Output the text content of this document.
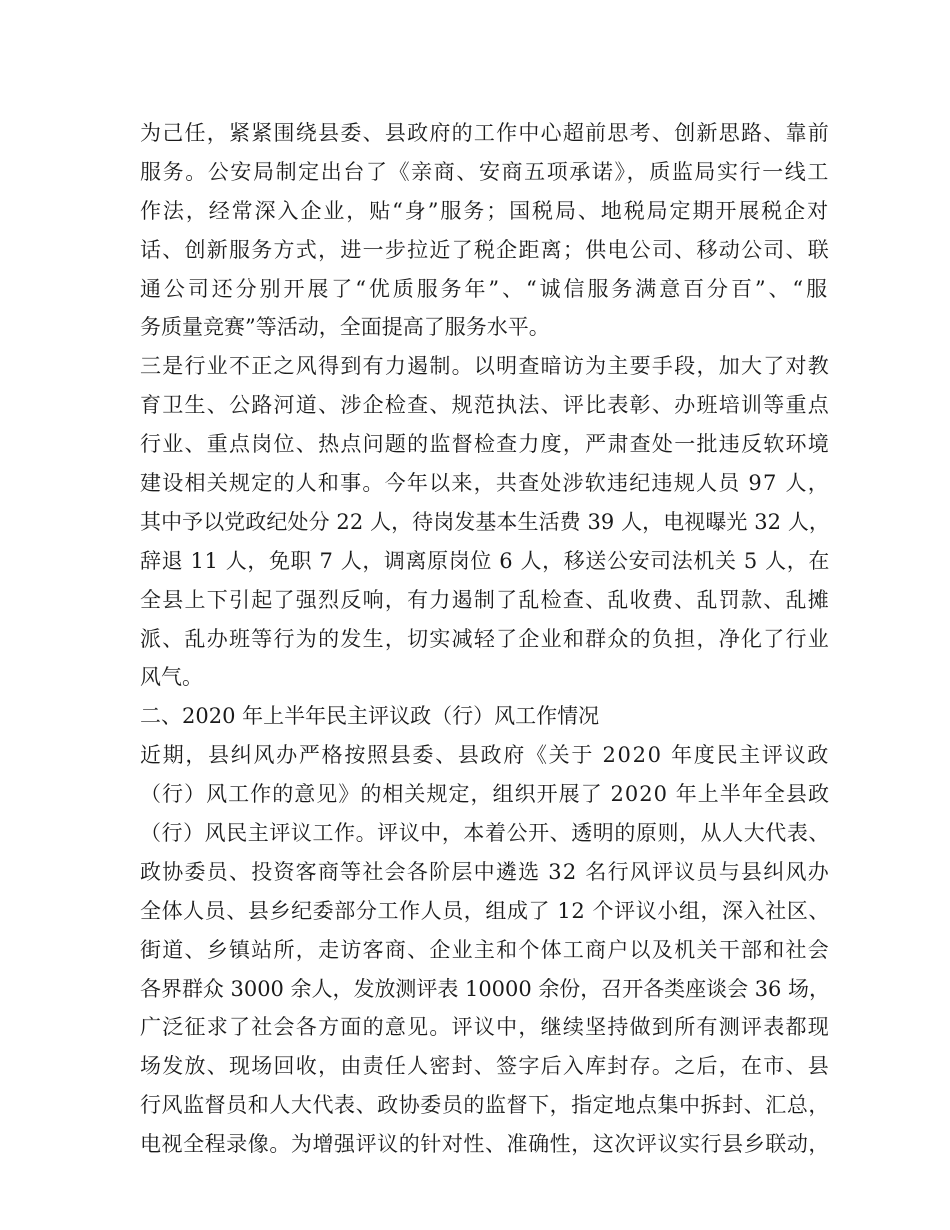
为己任，紧紧围绕县委、县政府的工作中心超前思考、创新思路、靠前
服务。公安局制定出台了《亲商、安商五项承诺》，质监局实行一线工
作法，经常深入企业，贴“身”服务；国税局、地税局定期开展税企对
话、创新服务方式，进一步拉近了税企距离；供电公司、移动公司、联
通公司还分别开展了“优质服务年”、“诚信服务满意百分百”、“服
务质量竞赛”等活动，全面提高了服务水平。
三是行业不正之风得到有力遏制。以明查暗访为主要手段，加大了对教
育卫生、公路河道、涉企检查、规范执法、评比表彰、办班培训等重点
行业、重点岗位、热点问题的监督检查力度，严肃查处一批违反软环境
建设相关规定的人和事。今年以来，共查处涉软违纪违规人员 97 人，
其中予以党政纪处分 22 人，待岗发基本生活费 39 人，电视曝光 32 人，
辞退 11 人，免职 7 人，调离原岗位 6 人，移送公安司法机关 5 人，在
全县上下引起了强烈反响，有力遏制了乱检查、乱收费、乱罚款、乱摊
派、乱办班等行为的发生，切实减轻了企业和群众的负担，净化了行业
风气。
二、2020 年上半年民主评议政（行）风工作情况
近期，县纠风办严格按照县委、县政府《关于 2020 年度民主评议政
（行）风工作的意见》的相关规定，组织开展了 2020 年上半年全县政
（行）风民主评议工作。评议中，本着公开、透明的原则，从人大代表、
政协委员、投资客商等社会各阶层中遴选 32 名行风评议员与县纠风办
全体人员、县乡纪委部分工作人员，组成了 12 个评议小组，深入社区、
街道、乡镇站所，走访客商、企业主和个体工商户以及机关干部和社会
各界群众 3000 余人，发放测评表 10000 余份，召开各类座谈会 36 场，
广泛征求了社会各方面的意见。评议中，继续坚持做到所有测评表都现
场发放、现场回收，由责任人密封、签字后入库封存。之后，在市、县
行风监督员和人大代表、政协委员的监督下，指定地点集中拆封、汇总，
电视全程录像。为增强评议的针对性、准确性，这次评议实行县乡联动，
